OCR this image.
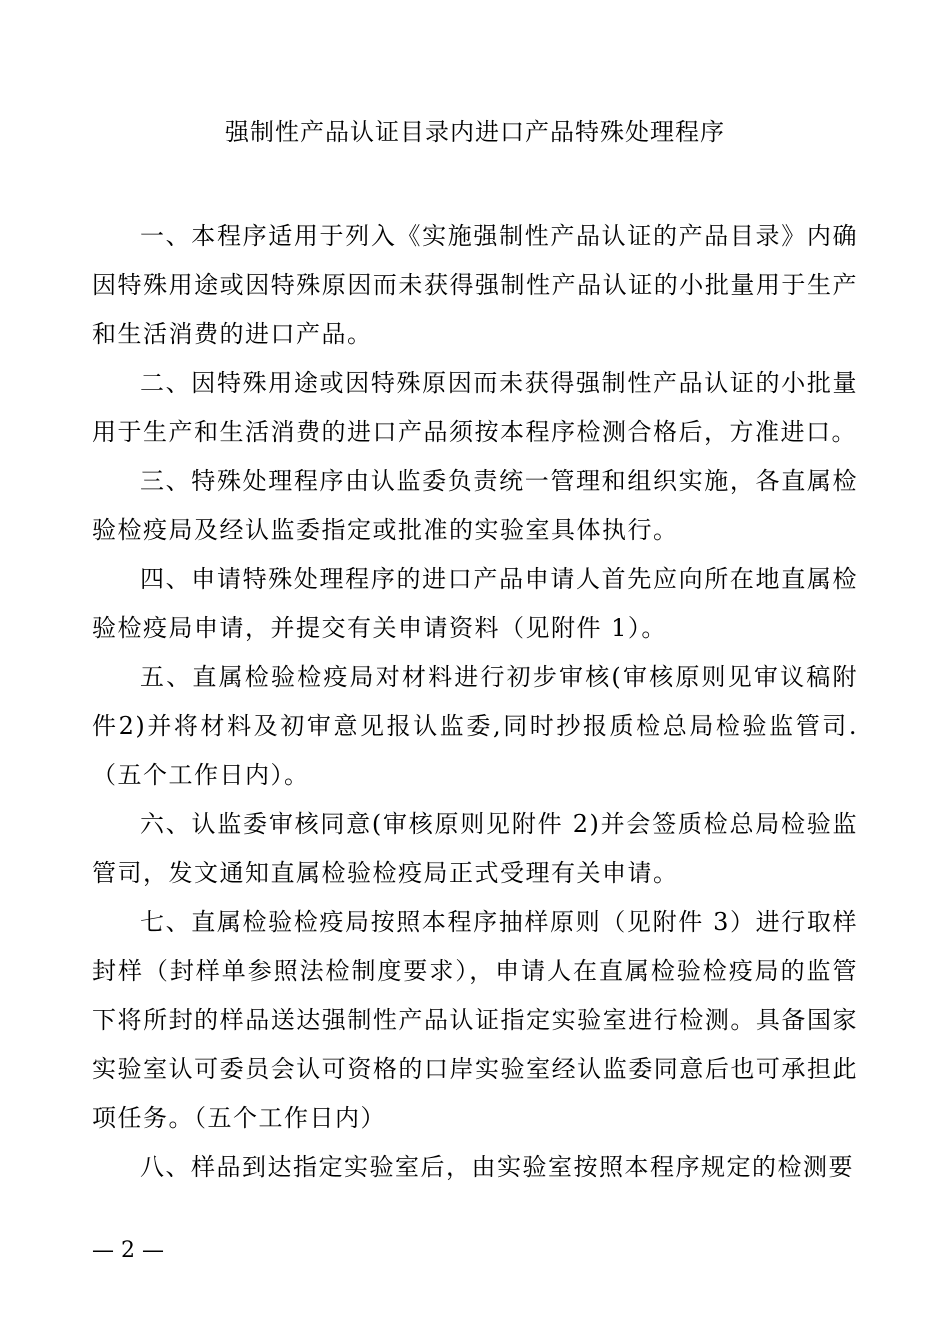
强制性产品认证目录内进口产品特殊处理程序

一、本程序适用于列入《实施强制性产品认证的产品目录》内确因特殊用途或因特殊原因而未获得强制性产品认证的小批量用于生产和生活消费的进口产品。

二、因特殊用途或因特殊原因而未获得强制性产品认证的小批量用于生产和生活消费的进口产品须按本程序检测合格后，方准进口。

三、特殊处理程序由认监委负责统一管理和组织实施，各直属检验检疫局及经认监委指定或批准的实验室具体执行。

四、申请特殊处理程序的进口产品申请人首先应向所在地直属检验检疫局申请，并提交有关申请资料（见附件 1）。

五、直属检验检疫局对材料进行初步审核(审核原则见审议稿附件2)并将材料及初审意见报认监委,同时抄报质检总局检验监管司.（五个工作日内）。

六、认监委审核同意(审核原则见附件 2)并会签质检总局检验监管司，发文通知直属检验检疫局正式受理有关申请。

七、直属检验检疫局按照本程序抽样原则（见附件 3）进行取样封样（封样单参照法检制度要求），申请人在直属检验检疫局的监管下将所封的样品送达强制性产品认证指定实验室进行检测。具备国家实验室认可委员会认可资格的口岸实验室经认监委同意后也可承担此项任务。（五个工作日内）

八、样品到达指定实验室后，由实验室按照本程序规定的检测要

— 2 —
